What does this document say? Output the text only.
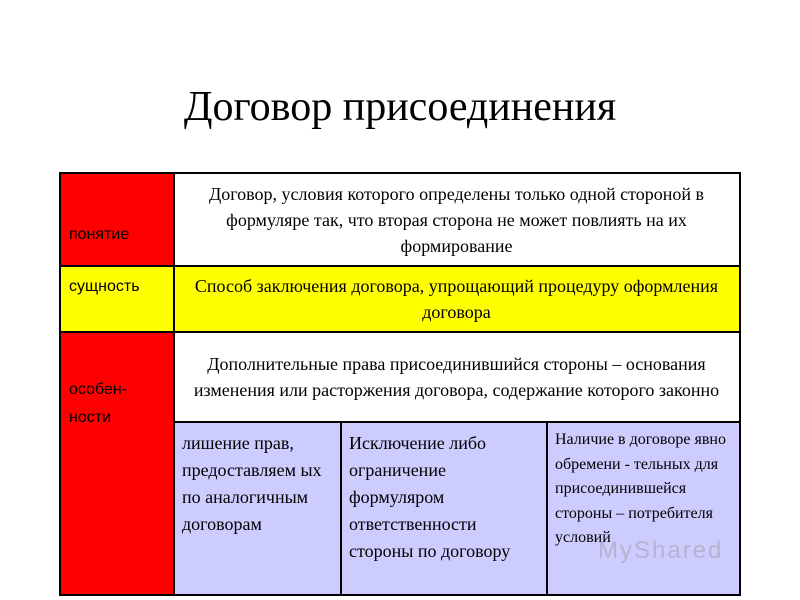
Договор присоединения
понятие
сущность
особен-
ности
Договор, условия которого определены только одной стороной в формуляре так, что вторая сторона не может повлиять на их формирование
Способ заключения договора, упрощающий процедуру оформления договора
Дополнительные права присоединившийся стороны – основания изменения или расторжения договора, содержание которого законно
лишение прав, предоставляем ых по аналогичным договорам
Исключение либо ограничение формуляром ответственности стороны по договору
Наличие в договоре явно обремени - тельных для присоединившейся стороны – потребителя условий
MyShared
